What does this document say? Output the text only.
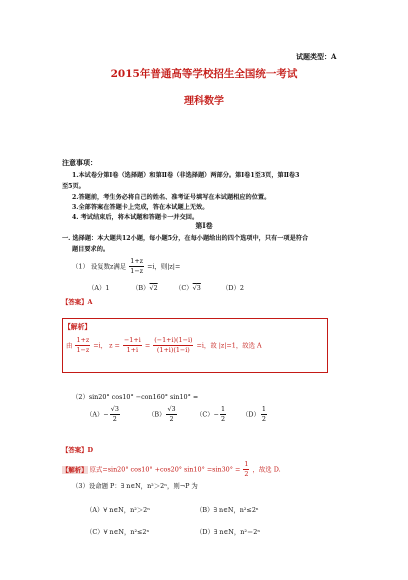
试题类型：A
2015年普通高等学校招生全国统一考试
理科数学
注意事项：
1.本试卷分第Ⅰ卷（选择题）和第Ⅱ卷（非选择题）两部分。第Ⅰ卷1至3页，第Ⅱ卷3
至5页。
2.答题前，考生务必将自己的姓名、准考证号填写在本试题相应的位置。
3.全部答案在答题卡上完成，答在本试题上无效。
4. 考试结束后，将本试题和答题卡一并交回。
第Ⅰ卷
一. 选择题：本大题共12小题，每小题5分，在每小题给出的四个选项中，只有一项是符合
题目要求的。
（1） 设复数z满足 $\frac{1+z}{1-z} =i$，则|z|=
（A）1	（B）√2	（C）√3	（D）2
【答案】A
【解析】
由 $\frac{1+z}{1-z} =i$， $z = \frac{-1+i}{1+i} = \frac{(-1+i)(1-i)}{(1+i)(1-i)} =i$，故 |z|=1，故选 A
（2）sin20° cos10° −con160° sin10° =
$(A)- \frac{√3}{2}$	$(B) \frac{√3}{2}$	$(C)- \frac{1}{2} (D) \frac{1}{2}$
【答案】D
【解析】 原式=sin20° cos10° +cos20° $\sin 10^\circ =\sin 30^\circ = \frac{1}{2}$ ，故选 D.
（3）设命题 P：∃ n∈N，n²＞2ⁿ，则¬P 为
（A）∀ n∈N，n²＞2ⁿ	（B）∃ n∈N，n²≤2ⁿ
（C）∀ n∈N，n²≤2ⁿ	（D）∃ n∈N，n²＝2ⁿ
